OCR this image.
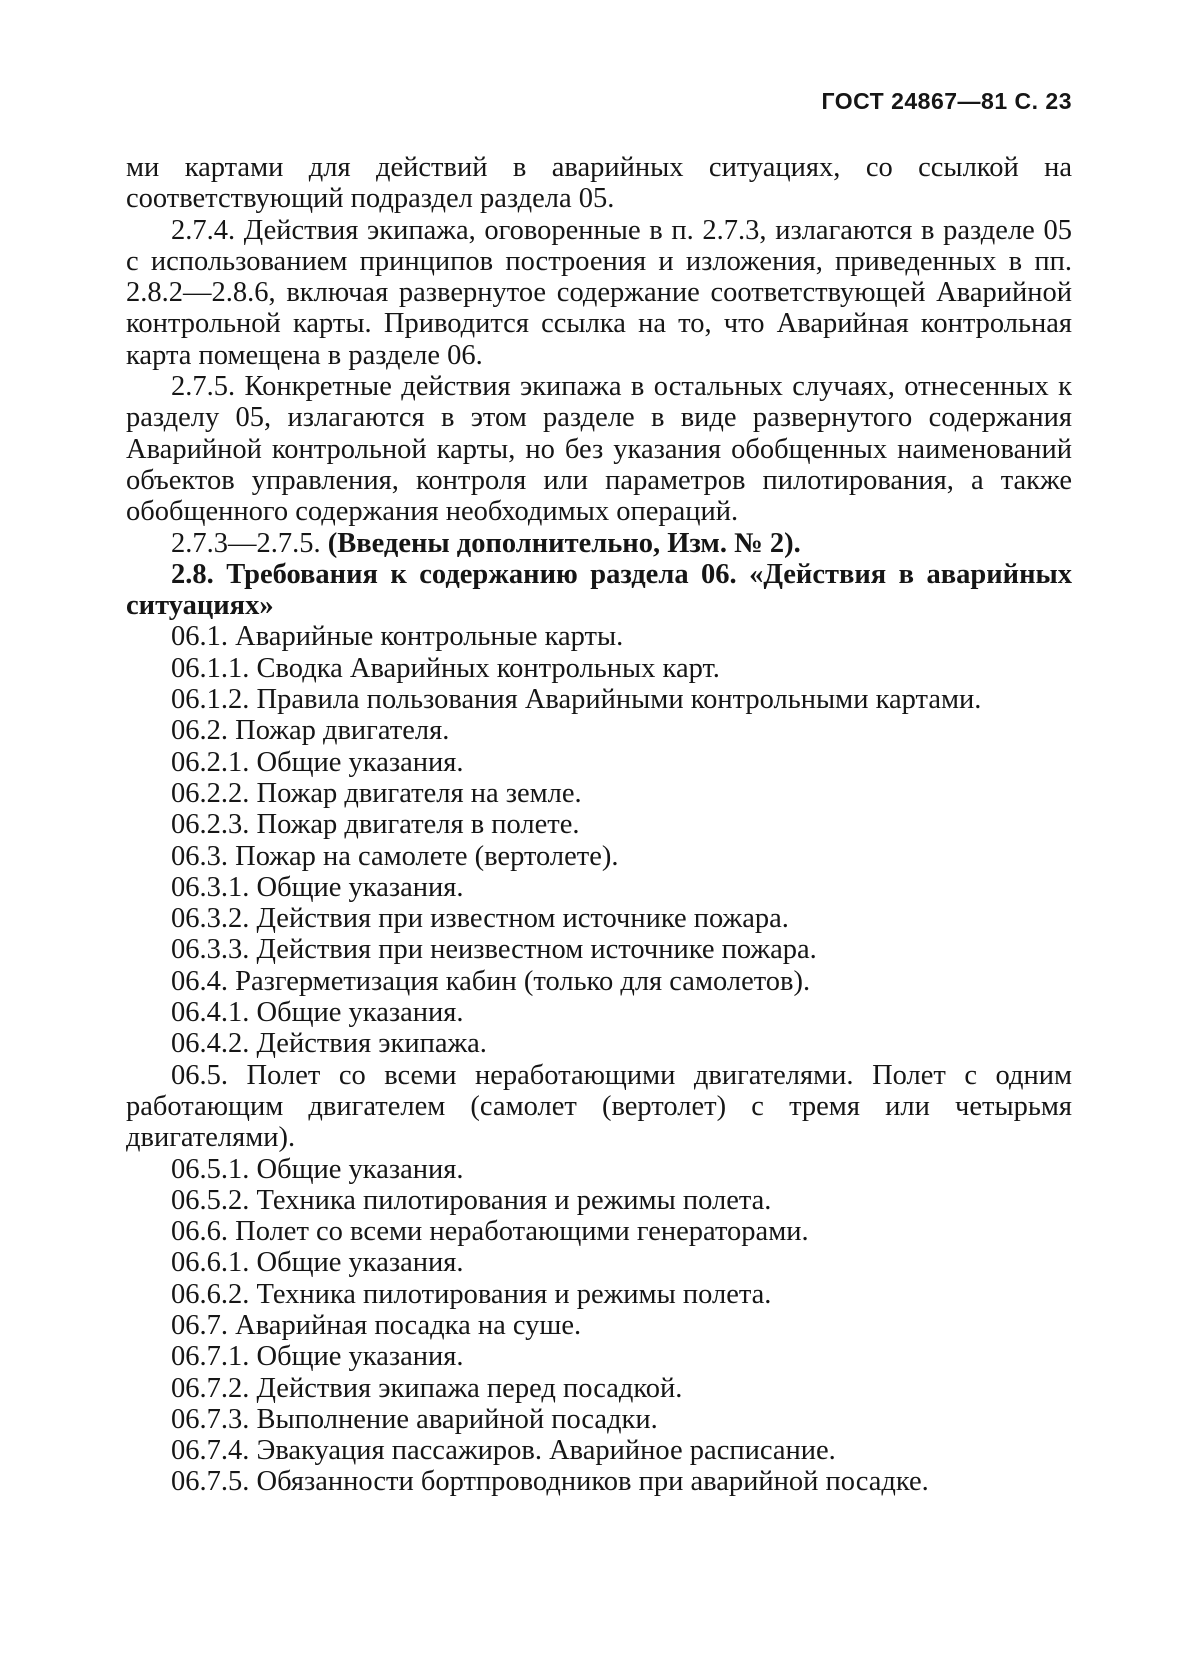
ГОСТ 24867—81 С. 23

ми картами для действий в аварийных ситуациях, со ссылкой на соответствующий подраздел раздела 05.

2.7.4. Действия экипажа, оговоренные в п. 2.7.3, излагаются в разделе 05 с использованием принципов построения и изложения, приведенных в пп. 2.8.2—2.8.6, включая развернутое содержание соответствующей Аварийной контрольной карты. Приводится ссылка на то, что Аварийная контрольная карта помещена в разделе 06.

2.7.5. Конкретные действия экипажа в остальных случаях, отнесенных к разделу 05, излагаются в этом разделе в виде развернутого содержания Аварийной контрольной карты, но без указания обобщенных наименований объектов управления, контроля или параметров пилотирования, а также обобщенного содержания необходимых операций.

2.7.3—2.7.5. (Введены дополнительно, Изм. № 2).

2.8. Требования к содержанию раздела 06. «Действия в аварийных ситуациях»

06.1. Аварийные контрольные карты.
06.1.1. Сводка Аварийных контрольных карт.
06.1.2. Правила пользования Аварийными контрольными картами.
06.2. Пожар двигателя.
06.2.1. Общие указания.
06.2.2. Пожар двигателя на земле.
06.2.3. Пожар двигателя в полете.
06.3. Пожар на самолете (вертолете).
06.3.1. Общие указания.
06.3.2. Действия при известном источнике пожара.
06.3.3. Действия при неизвестном источнике пожара.
06.4. Разгерметизация кабин (только для самолетов).
06.4.1. Общие указания.
06.4.2. Действия экипажа.
06.5. Полет со всеми неработающими двигателями. Полет с одним работающим двигателем (самолет (вертолет) с тремя или четырьмя двигателями).
06.5.1. Общие указания.
06.5.2. Техника пилотирования и режимы полета.
06.6. Полет со всеми неработающими генераторами.
06.6.1. Общие указания.
06.6.2. Техника пилотирования и режимы полета.
06.7. Аварийная посадка на суше.
06.7.1. Общие указания.
06.7.2. Действия экипажа перед посадкой.
06.7.3. Выполнение аварийной посадки.
06.7.4. Эвакуация пассажиров. Аварийное расписание.
06.7.5. Обязанности бортпроводников при аварийной посадке.
